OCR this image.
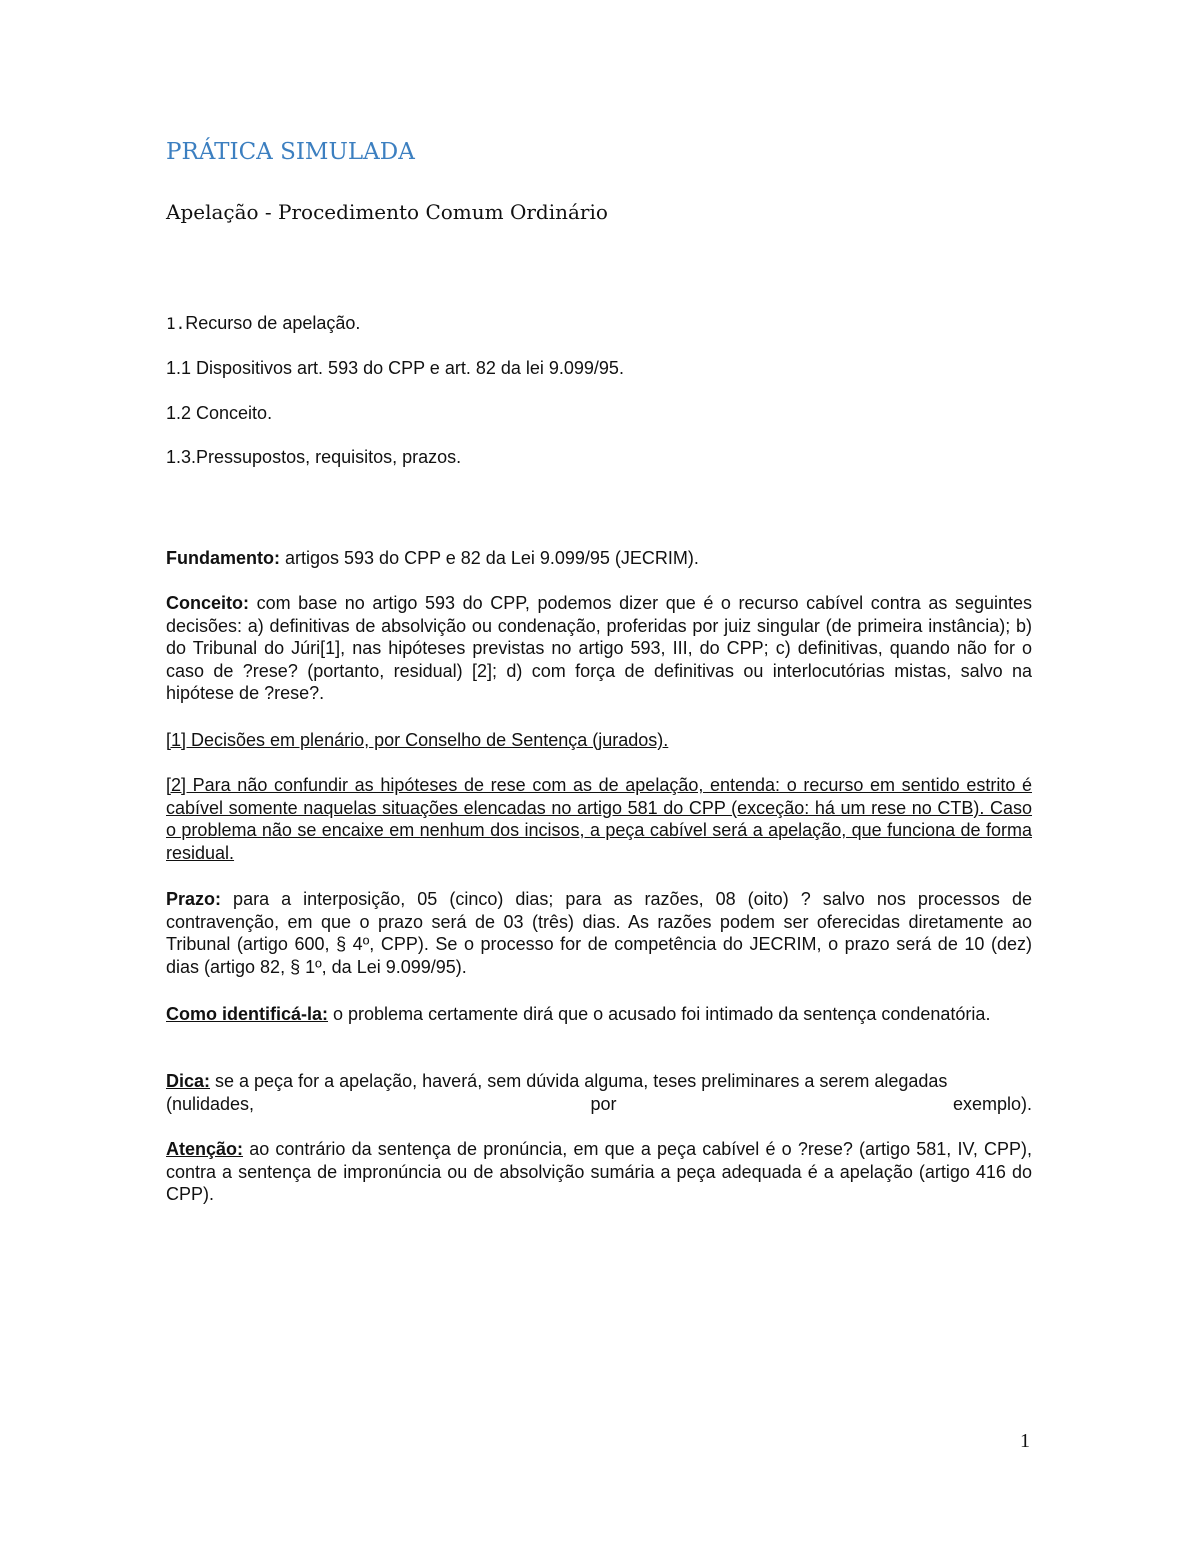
PRÁTICA SIMULADA
Apelação - Procedimento Comum Ordinário
1.Recurso de apelação.
1.1 Dispositivos art. 593 do CPP e art. 82 da lei 9.099/95.
1.2 Conceito.
1.3.Pressupostos, requisitos, prazos.

Fundamento: artigos 593 do CPP e 82 da Lei 9.099/95 (JECRIM).

Conceito: com base no artigo 593 do CPP, podemos dizer que é o recurso cabível contra as seguintes decisões: a) definitivas de absolvição ou condenação, proferidas por juiz singular (de primeira instância); b) do Tribunal do Júri[1], nas hipóteses previstas no artigo 593, III, do CPP; c) definitivas, quando não for o caso de ?rese? (portanto, residual) [2]; d) com força de definitivas ou interlocutórias mistas, salvo na hipótese de ?rese?.

[1] Decisões em plenário, por Conselho de Sentença (jurados).

[2] Para não confundir as hipóteses de rese com as de apelação, entenda: o recurso em sentido estrito é cabível somente naquelas situações elencadas no artigo 581 do CPP (exceção: há um rese no CTB). Caso o problema não se encaixe em nenhum dos incisos, a peça cabível será a apelação, que funciona de forma residual.

Prazo: para a interposição, 05 (cinco) dias; para as razões, 08 (oito) ? salvo nos processos de contravenção, em que o prazo será de 03 (três) dias. As razões podem ser oferecidas diretamente ao Tribunal (artigo 600, § 4º, CPP). Se o processo for de competência do JECRIM, o prazo será de 10 (dez) dias (artigo 82, § 1º, da Lei 9.099/95).

Como identificá-la: o problema certamente dirá que o acusado foi intimado da sentença condenatória.

Dica: se a peça for a apelação, haverá, sem dúvida alguma, teses preliminares a serem alegadas
(nulidades,	por	exemplo).

Atenção: ao contrário da sentença de pronúncia, em que a peça cabível é o ?rese? (artigo 581, IV, CPP), contra a sentença de impronúncia ou de absolvição sumária a peça adequada é a apelação (artigo 416 do CPP).

1
